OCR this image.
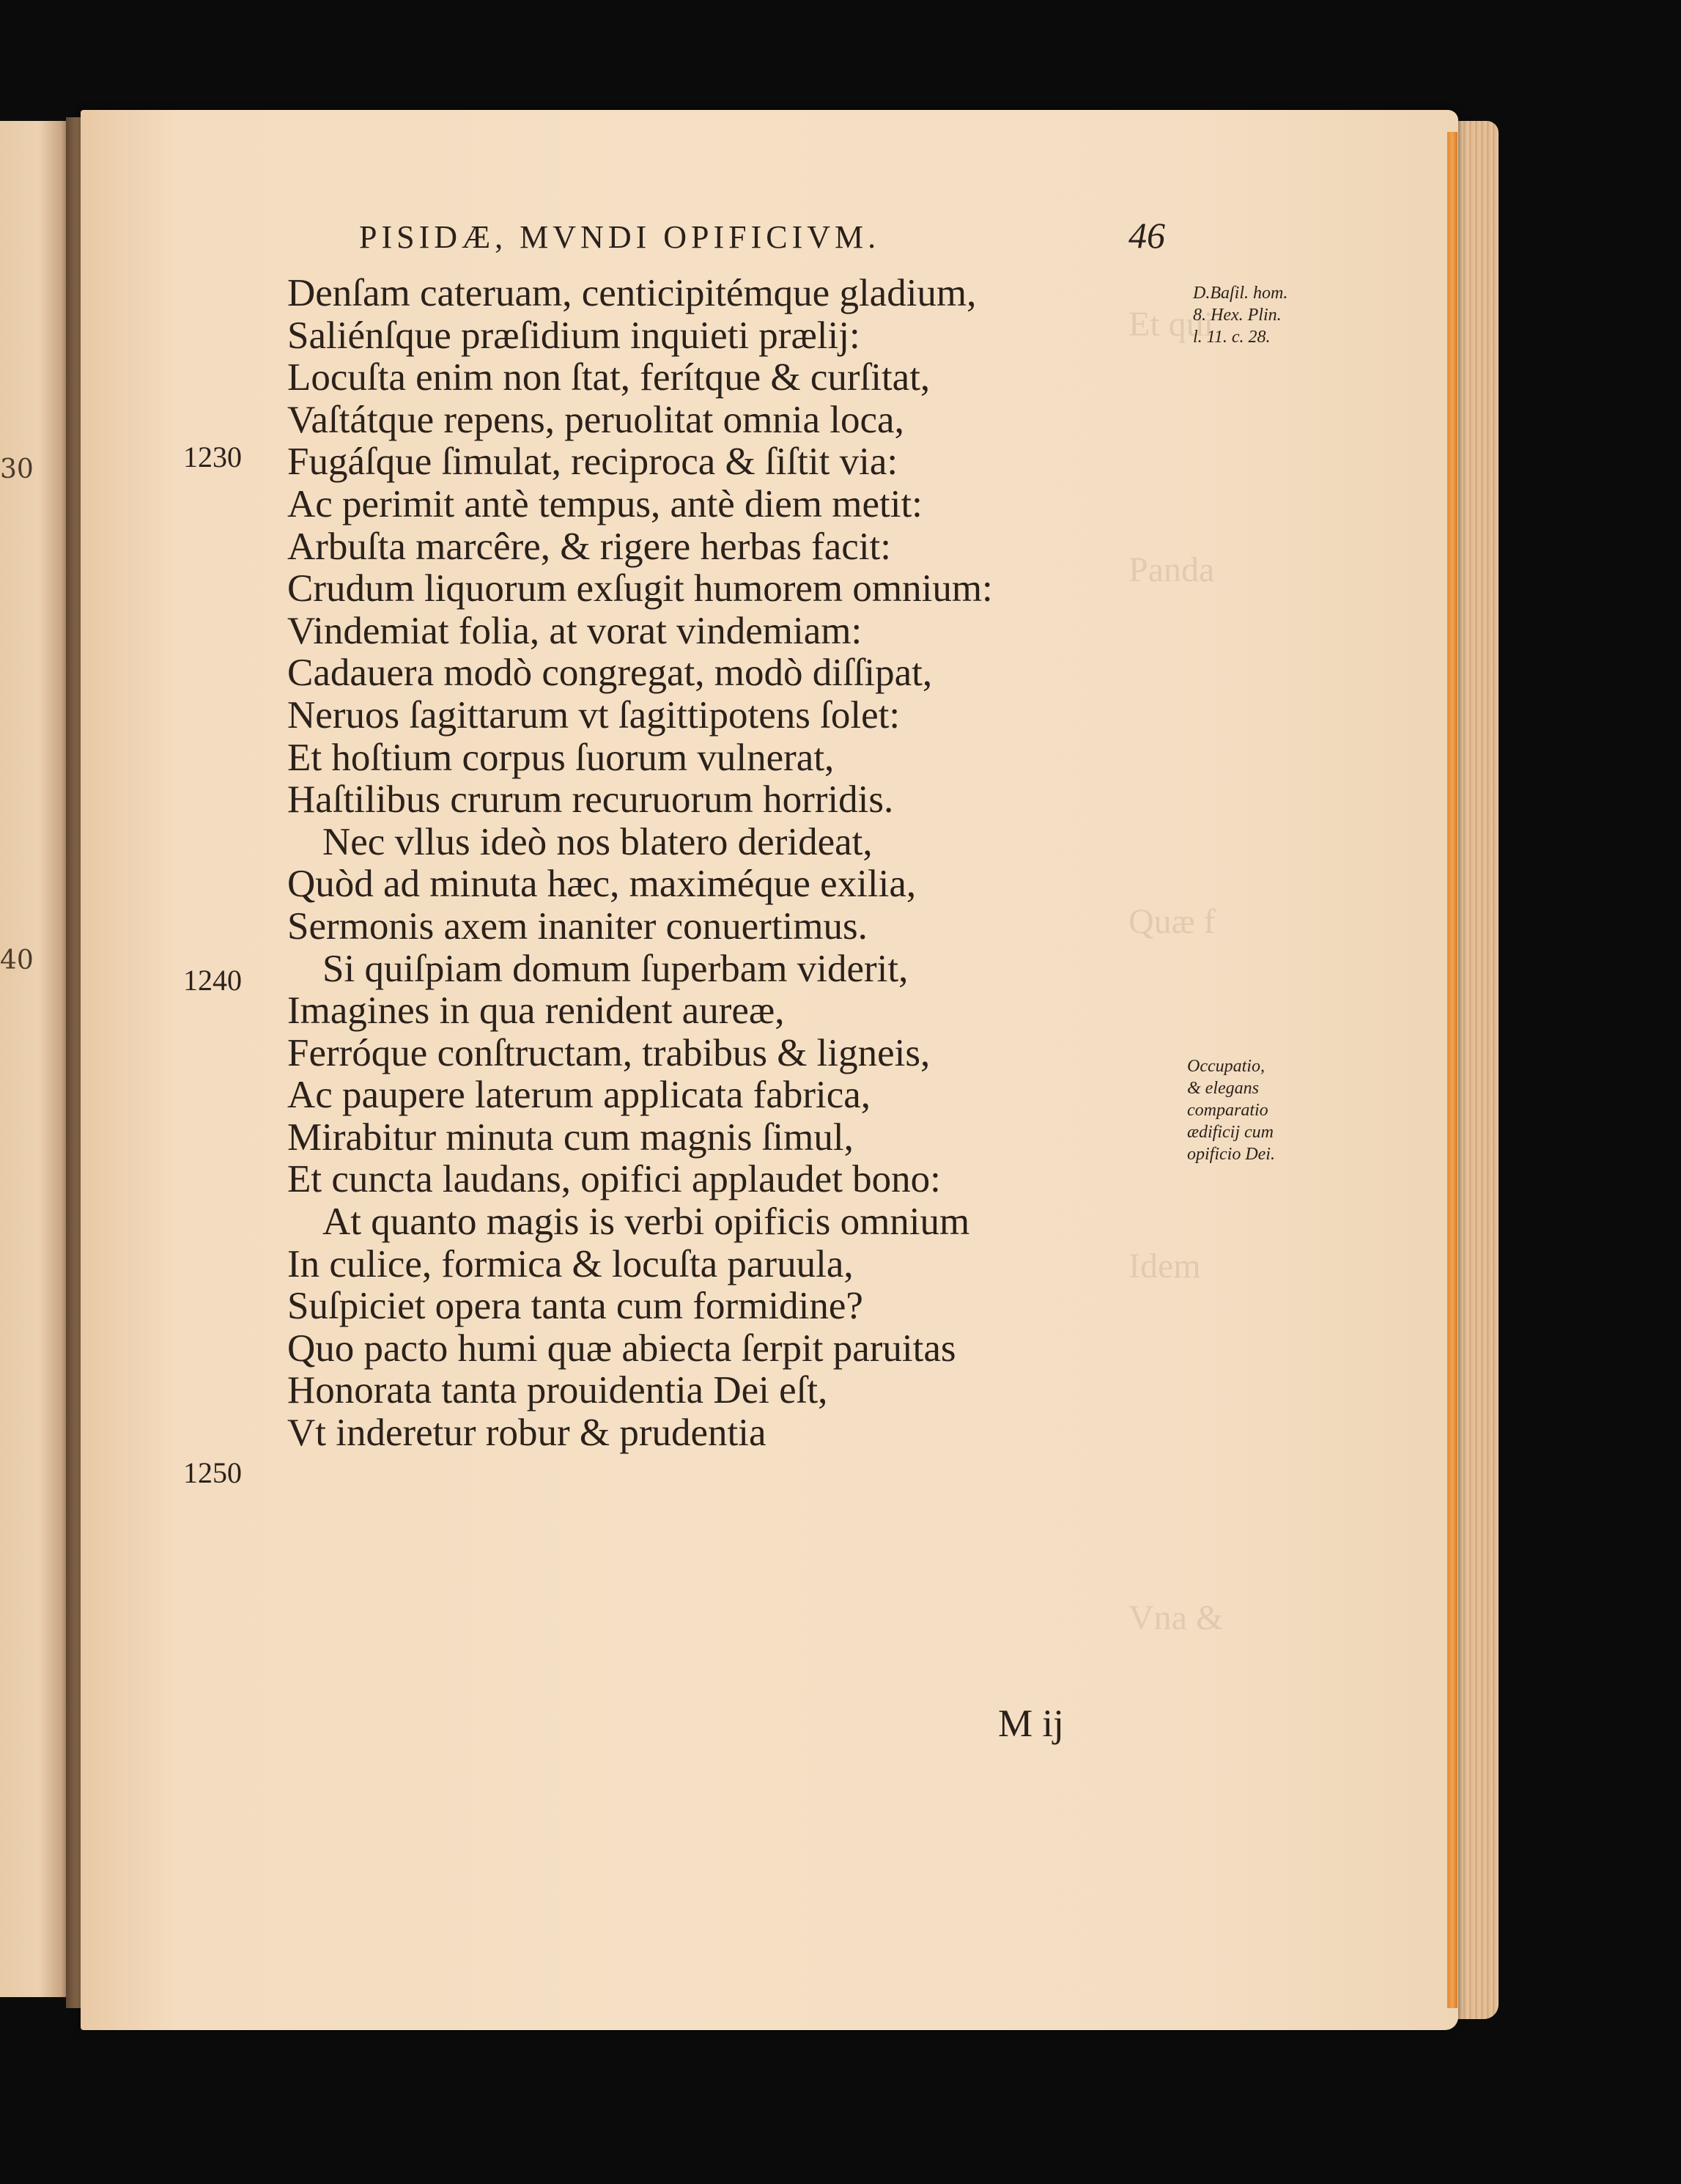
30
40
Et qui
Panda
Quæ f
Idem
Vna &
PISIDÆ, MVNDI OPIFICIVM.	46
1230
1240
1250
Denſam cateruam, centicipitémque gladium,
Saliénſque præſidium inquieti prælij:
Locuſta enim non ſtat, ferítque & curſitat,
Vaſtátque repens, peruolitat omnia loca,
Fugáſque ſimulat, reciproca & ſiſtit via:
Ac perimit antè tempus, antè diem metit:
Arbuſta marcêre, & rigere herbas facit:
Crudum liquorum exſugit humorem omnium:
Vindemiat folia, at vorat vindemiam:
Cadauera modò congregat, modò diſſipat,
Neruos ſagittarum vt ſagittipotens ſolet:
Et hoſtium corpus ſuorum vulnerat,
Haſtilibus crurum recuruorum horridis.
Nec vllus ideò nos blatero derideat,
Quòd ad minuta hæc, maximéque exilia,
Sermonis axem inaniter conuertimus.
Si quiſpiam domum ſuperbam viderit,
Imagines in qua renident aureæ,
Ferróque conſtructam, trabibus & ligneis,
Ac paupere laterum applicata fabrica,
Mirabitur minuta cum magnis ſimul,
Et cuncta laudans, opifici applaudet bono:
At quanto magis is verbi opificis omnium
In culice, formica & locuſta paruula,
Suſpiciet opera tanta cum formidine?
Quo pacto humi quæ abiecta ſerpit paruitas
Honorata tanta prouidentia Dei eſt,
Vt inderetur robur & prudentia
D.Baſil. hom.
8. Hex. Plin.
l. 11. c. 28.
Occupatio,
& elegans
comparatio
ædificij cum
opificio Dei.
M ij
